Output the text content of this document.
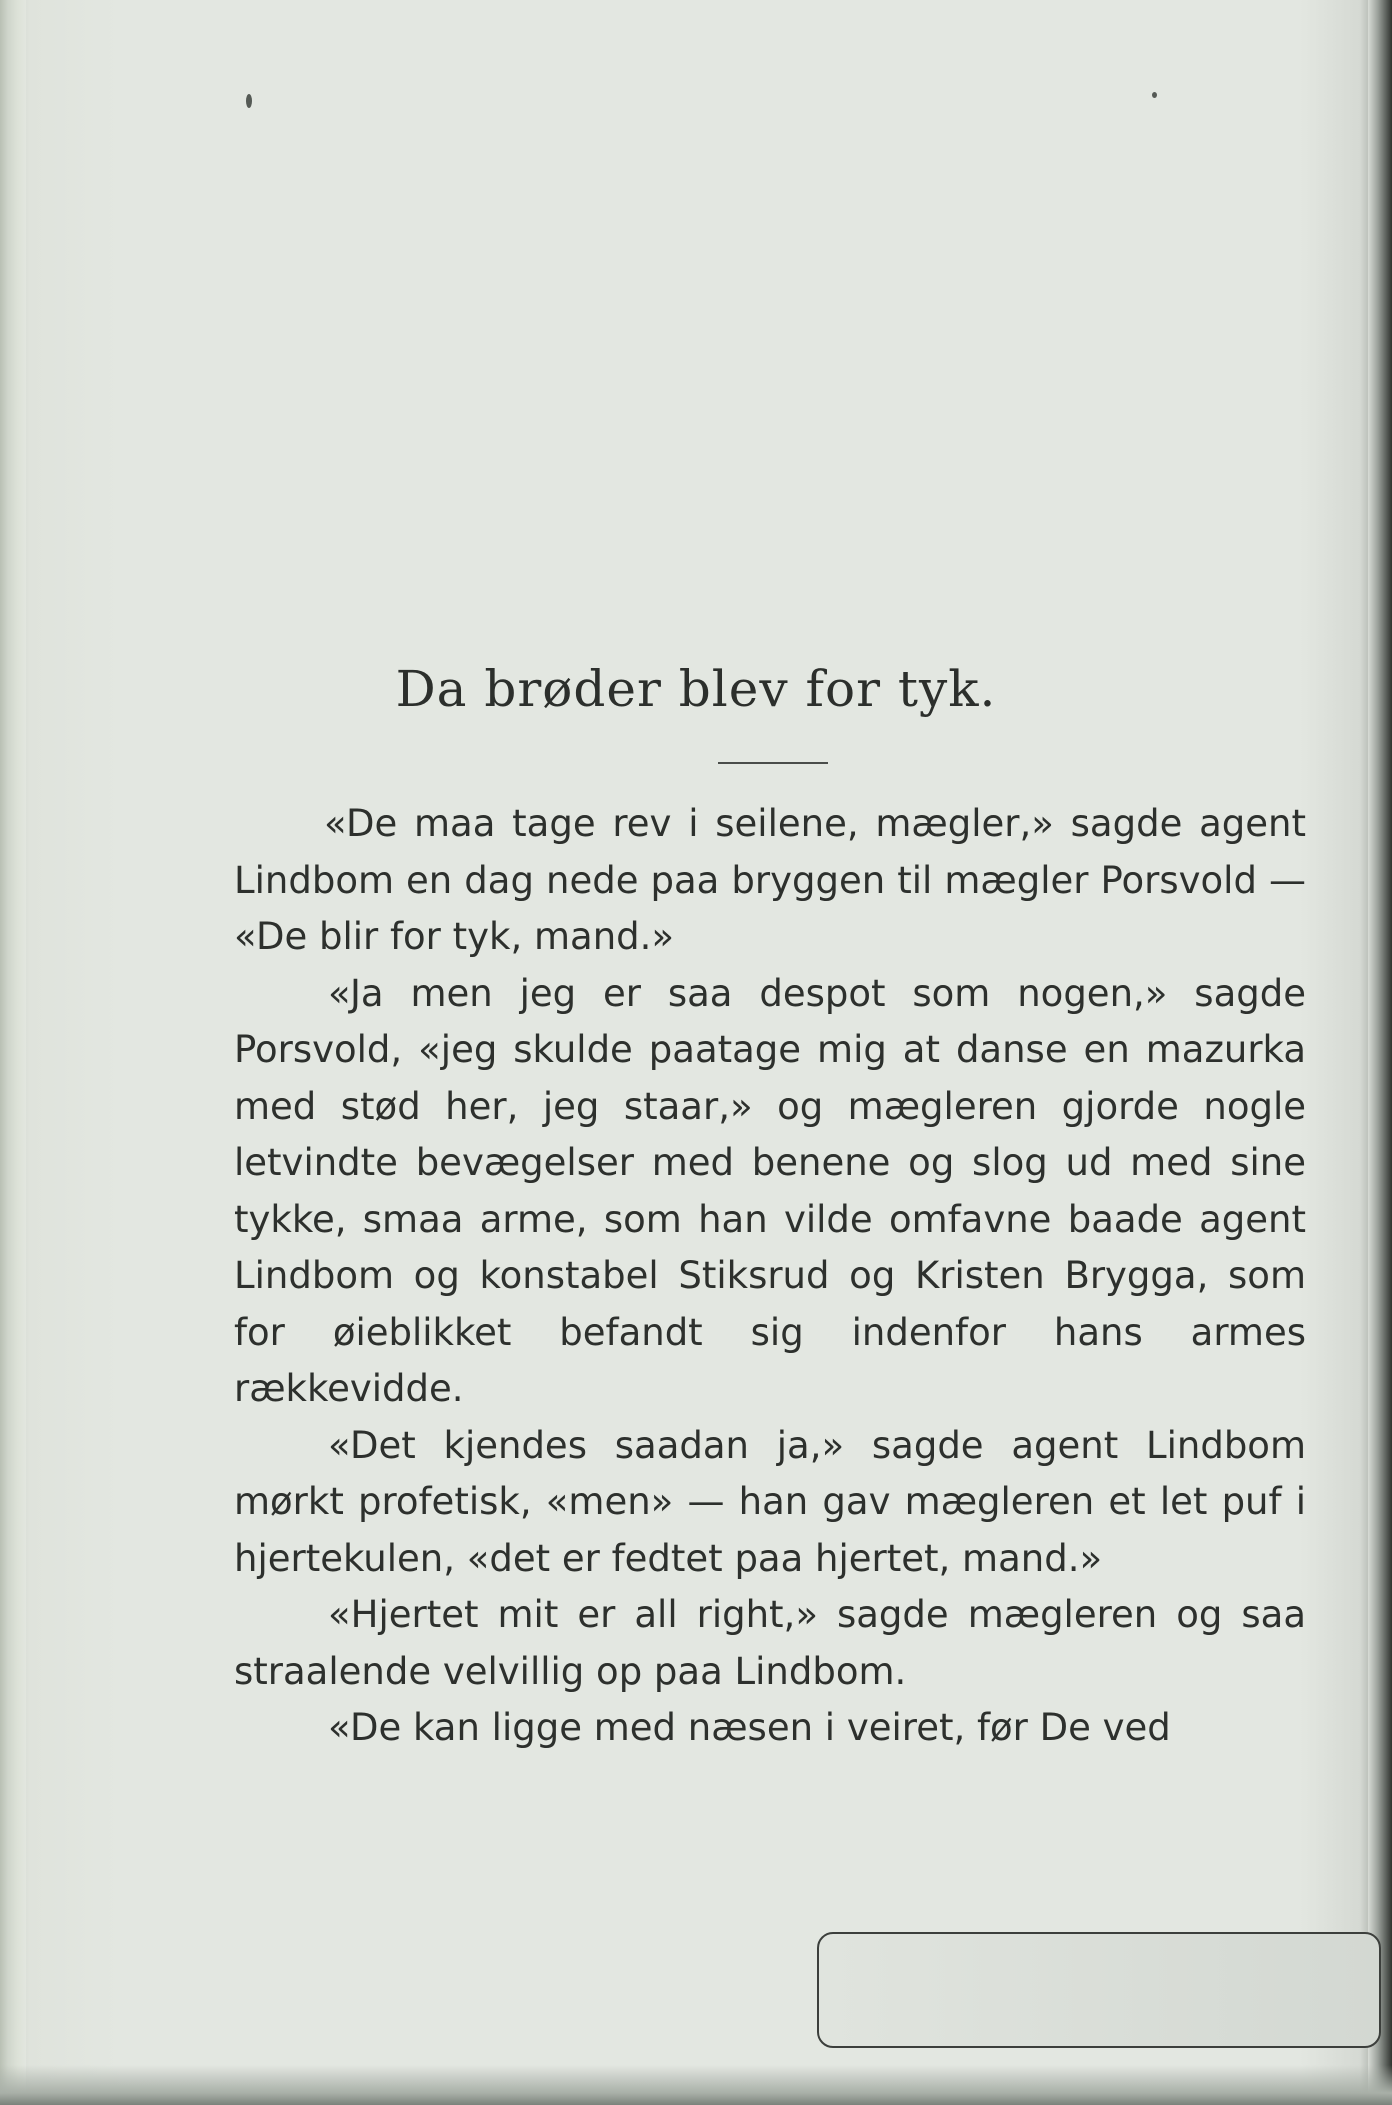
Da brøder blev for tyk.

«De maa tage rev i seilene, mægler,» sagde agent Lindbom en dag nede paa bryggen til mægler Porsvold — «De blir for tyk, mand.»

«Ja men jeg er saa despot som nogen,» sagde Porsvold, «jeg skulde paatage mig at danse en mazurka med stød her, jeg staar,» og mægleren gjorde nogle letvindte bevægelser med benene og slog ud med sine tykke, smaa arme, som han vilde omfavne baade agent Lindbom og konstabel Stiksrud og Kristen Brygga, som for øieblikket befandt sig indenfor hans armes rækkevidde.

«Det kjendes saadan ja,» sagde agent Lindbom mørkt profetisk, «men» — han gav mægleren et let puf i hjertekulen, «det er fedtet paa hjertet, mand.»

«Hjertet mit er all right,» sagde mægleren og saa straalende velvillig op paa Lindbom.

«De kan ligge med næsen i veiret, før De ved
